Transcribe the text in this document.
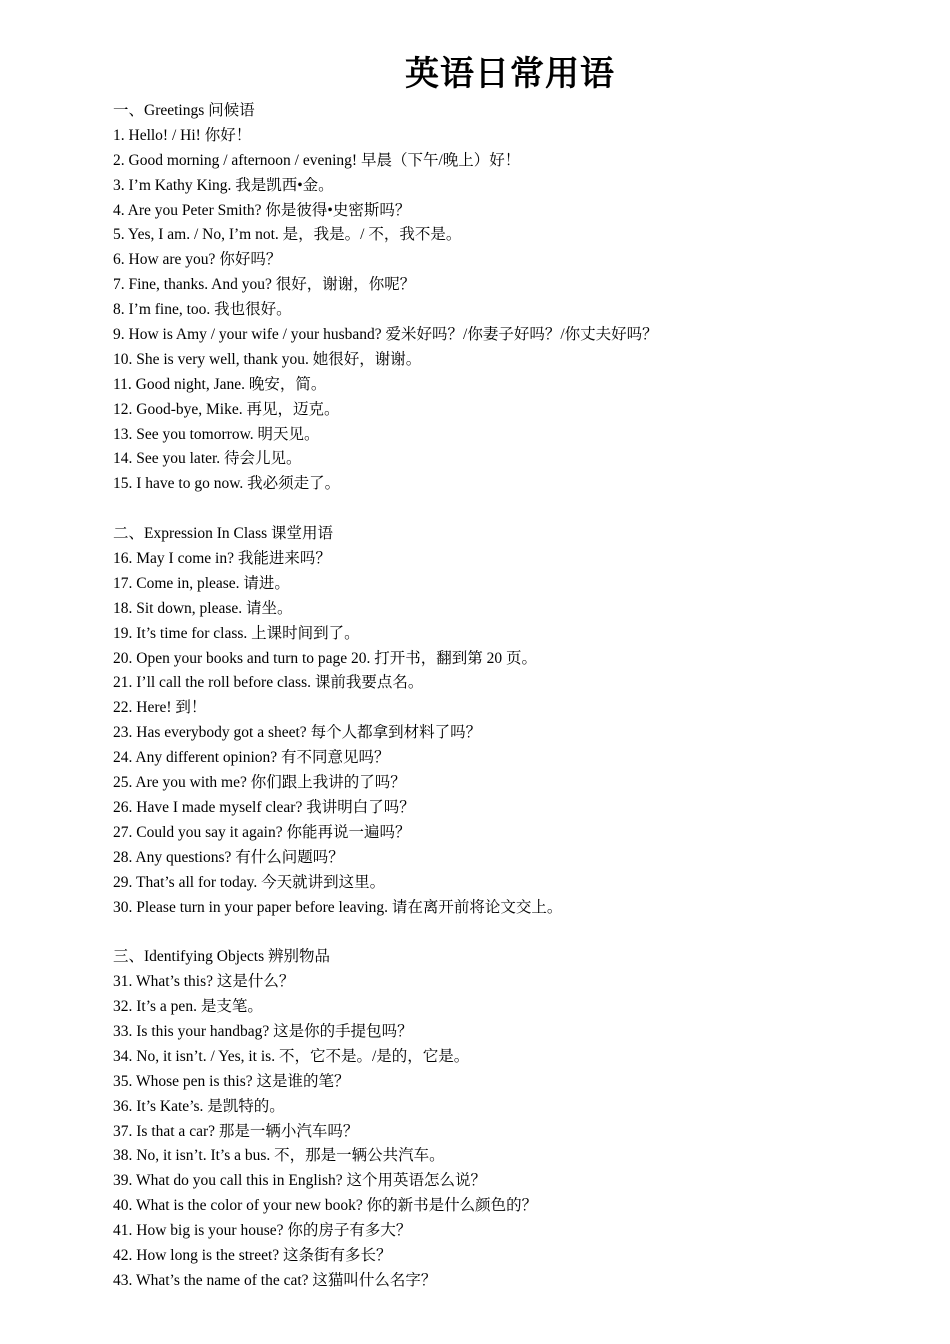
英语日常用语
一、Greetings 问候语
1. Hello! / Hi! 你好！
2. Good morning / afternoon / evening! 早晨（下午/晚上）好！
3. I’m Kathy King. 我是凯西•金。
4. Are you Peter Smith? 你是彼得•史密斯吗？
5. Yes, I am. / No, I’m not. 是，我是。/ 不，我不是。
6. How are you? 你好吗？
7. Fine, thanks. And you? 很好，谢谢，你呢？
8. I’m fine, too. 我也很好。
9. How is Amy / your wife / your husband? 爱米好吗？/你妻子好吗？/你丈夫好吗？
10. She is very well, thank you. 她很好，谢谢。
11. Good night, Jane. 晚安，简。
12. Good-bye, Mike. 再见，迈克。
13. See you tomorrow. 明天见。
14. See you later. 待会儿见。
15. I have to go now. 我必须走了。
二、Expression In Class 课堂用语
16. May I come in? 我能进来吗？
17. Come in, please. 请进。
18. Sit down, please. 请坐。
19. It’s time for class. 上课时间到了。
20. Open your books and turn to page 20. 打开书，翻到第 20 页。
21. I’ll call the roll before class. 课前我要点名。
22. Here! 到！
23. Has everybody got a sheet? 每个人都拿到材料了吗？
24. Any different opinion? 有不同意见吗？
25. Are you with me? 你们跟上我讲的了吗？
26. Have I made myself clear? 我讲明白了吗？
27. Could you say it again? 你能再说一遍吗？
28. Any questions? 有什么问题吗？
29. That’s all for today. 今天就讲到这里。
30. Please turn in your paper before leaving. 请在离开前将论文交上。
三、Identifying Objects 辨别物品
31. What’s this? 这是什么？
32. It’s a pen. 是支笔。
33. Is this your handbag? 这是你的手提包吗？
34. No, it isn’t. / Yes, it is. 不，它不是。/是的，它是。
35. Whose pen is this? 这是谁的笔？
36. It’s Kate’s. 是凯特的。
37. Is that a car? 那是一辆小汽车吗？
38. No, it isn’t. It’s a bus. 不，那是一辆公共汽车。
39. What do you call this in English? 这个用英语怎么说？
40. What is the color of your new book? 你的新书是什么颜色的？
41. How big is your house? 你的房子有多大？
42. How long is the street? 这条街有多长？
43. What’s the name of the cat? 这猫叫什么名字？
